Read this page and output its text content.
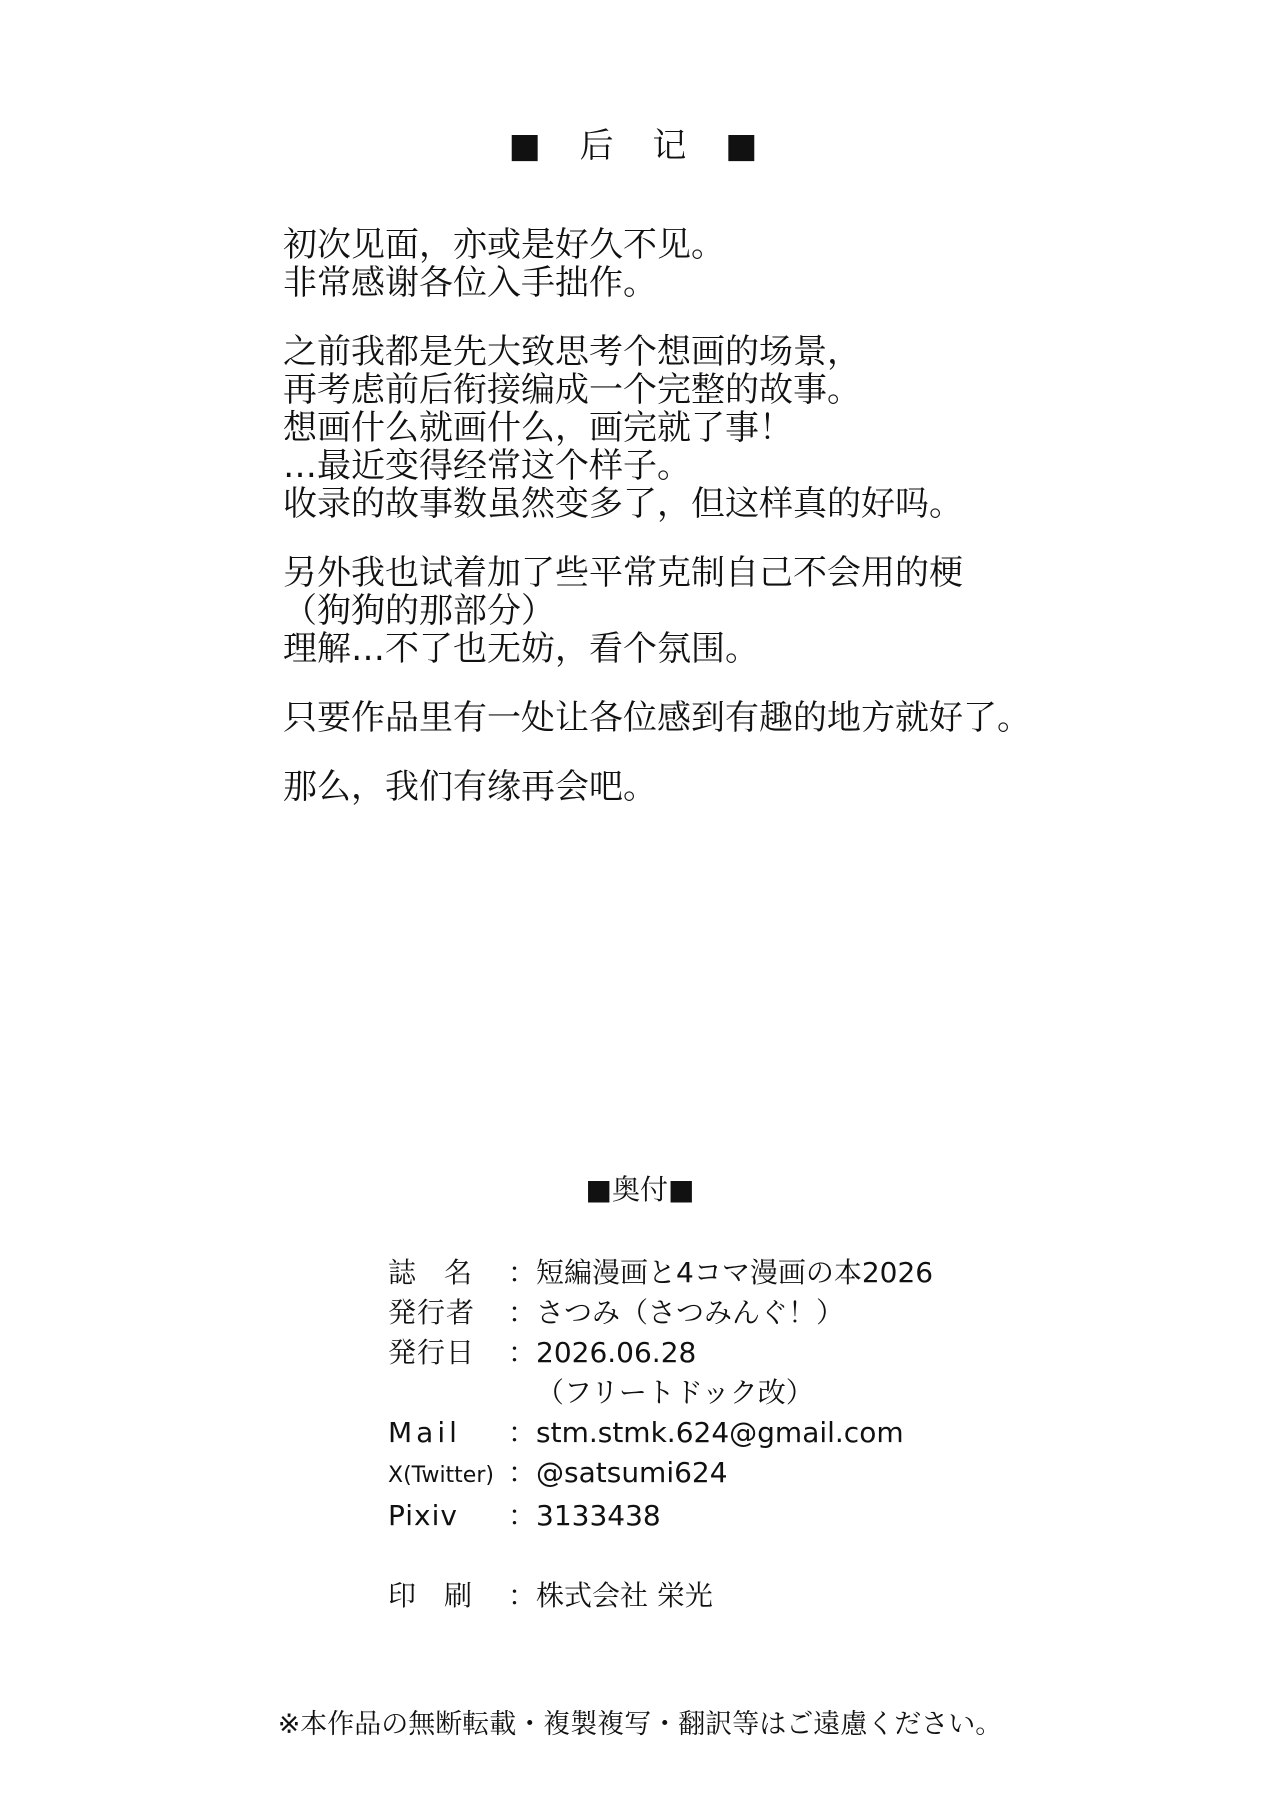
■ 后 记 ■
初次见面，亦或是好久不见。
非常感谢各位入手拙作。
之前我都是先大致思考个想画的场景，
再考虑前后衔接编成一个完整的故事。
想画什么就画什么，画完就了事！
…最近变得经常这个样子。
收录的故事数虽然变多了，但这样真的好吗。
另外我也试着加了些平常克制自己不会用的梗
（狗狗的那部分）
理解…不了也无妨，看个氛围。
只要作品里有一处让各位感到有趣的地方就好了。
那么，我们有缘再会吧。
■奥付■
誌名 ： 短編漫画と4コマ漫画の本2026
発行者	： さつみ（さつみんぐ！）
発行日	： 2026.06.28
（フリートドック改）
Mail	： stm.stmk.624@gmail.com
X(Twitter) ： @satsumi624
Pixiv	： 3133438
印刷 ： 株式会社 栄光
※本作品の無断転載・複製複写・翻訳等はご遠慮ください。
